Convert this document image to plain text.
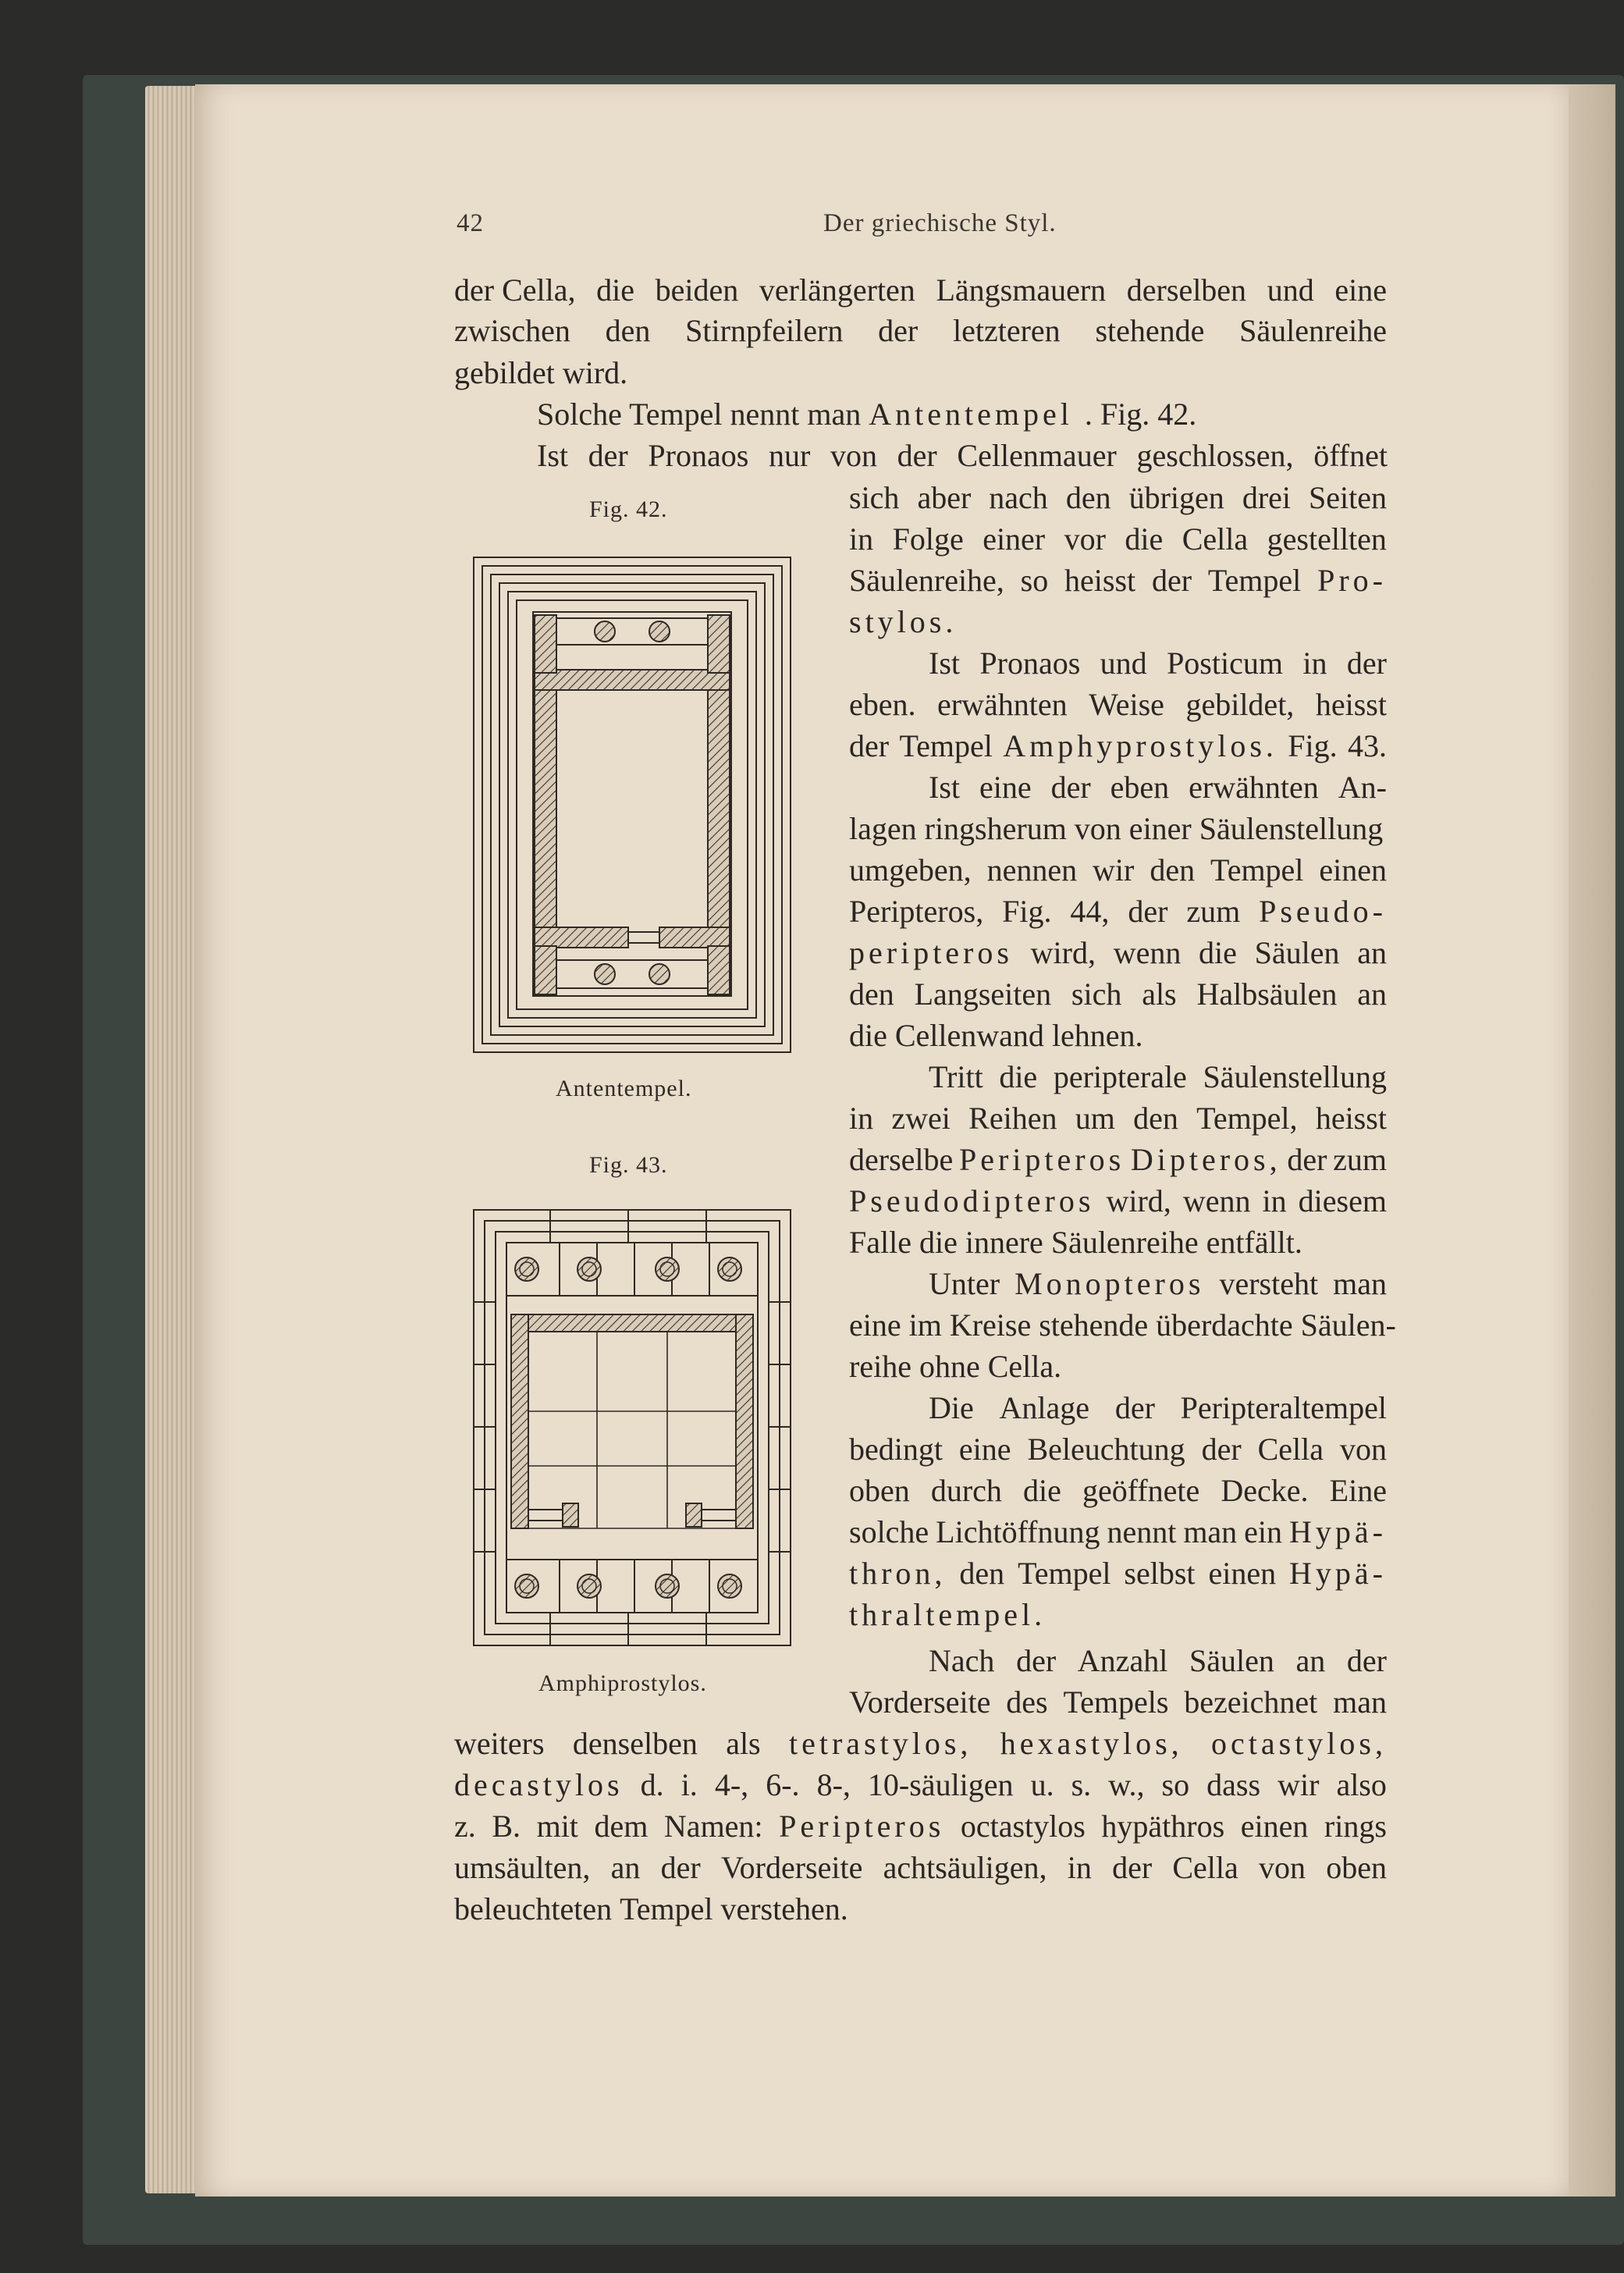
42	Der griechische Styl.
der Cella, die beiden verlängerten Längsmauern derselben und eine
zwischen den Stirnpfeilern der letzteren stehende Säulenreihe
gebildet wird.
Solche Tempel nennt man Antentempel . Fig. 42.
Ist der Pronaos nur von der Cellenmauer geschlossen, öffnet
sich aber nach den übrigen drei Seiten
in Folge einer vor die Cella gestellten
Säulenreihe, so heisst der Tempel Pro-
stylos.
Ist Pronaos und Posticum in der
eben. erwähnten Weise gebildet, heisst
der Tempel Amphyprostylos. Fig. 43.
Ist eine der eben erwähnten An-
lagen ringsherum von einer Säulenstellung
umgeben, nennen wir den Tempel einen
Peripteros, Fig. 44, der zum Pseudo-
peripteros wird, wenn die Säulen an
den Langseiten sich als Halbsäulen an
die Cellenwand lehnen.
Tritt die peripterale Säulenstellung
in zwei Reihen um den Tempel, heisst
derselbe Peripteros Dipteros, der zum
Pseudodipteros wird, wenn in diesem
Falle die innere Säulenreihe entfällt.
Unter Monopteros versteht man
eine im Kreise stehende überdachte Säulen-
reihe ohne Cella.
Die Anlage der Peripteraltempel
bedingt eine Beleuchtung der Cella von
oben durch die geöffnete Decke. Eine
solche Lichtöffnung nennt man ein Hypä-
thron, den Tempel selbst einen Hypä-
thraltempel.
Nach der Anzahl Säulen an der
Vorderseite des Tempels bezeichnet man
weiters denselben als tetrastylos, hexastylos, octastylos,
decastylos d. i. 4-, 6-. 8-, 10-säuligen u. s. w., so dass wir also
z. B. mit dem Namen: Peripteros octastylos hypäthros einen rings
umsäulten, an der Vorderseite achtsäuligen, in der Cella von oben
beleuchteten Tempel verstehen.
Fig. 42.
Antentempel.
Fig. 43.
Amphiprostylos.
